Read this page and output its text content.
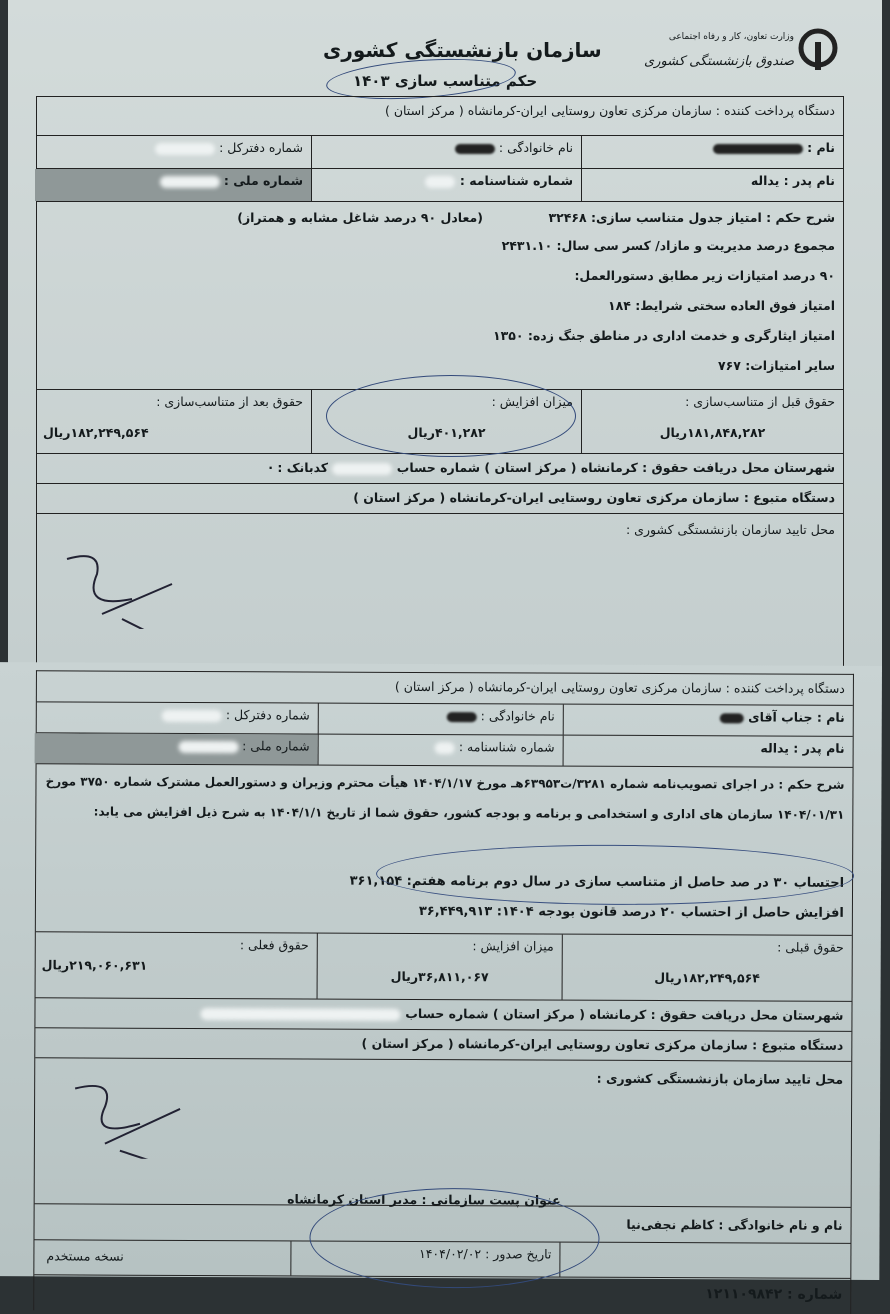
سازمان بازنشستگی کشوری
حکم متناسب سازی ۱۴۰۳
وزارت تعاون، کار و رفاه اجتماعی
صندوق بازنشستگی کشوری
دستگاه پرداخت کننده : سازمان مرکزی تعاون روستایی ایران-کرمانشاه ( مرکز استان )
نام :
نام خانوادگی :
شماره دفترکل :
نام پدر : یداله
شماره شناسنامه :
شماره ملی :
شرح حکم : امتیاز جدول متناسب سازی: ۳۲۴۶۸
(معادل ۹۰ درصد شاغل مشابه و همتراز)
مجموع درصد مدیریت و مازاد/ کسر سی سال: ۲۴۳۱.۱۰
۹۰ درصد امتیازات زیر مطابق دستورالعمل:
امتیاز فوق العاده سختی شرایط: ۱۸۴
امتیاز ایثارگری و خدمت اداری در مناطق جنگ زده: ۱۳۵۰
سایر امتیازات: ۷۶۷
حقوق قبل از متناسب‌سازی :
۱۸۱,۸۴۸,۲۸۲ریال
میزان افزایش :
۴۰۱,۲۸۲ریال
حقوق بعد از متناسب‌سازی :
۱۸۲,۲۴۹,۵۶۴ریال
شهرستان محل دریافت حقوق : کرمانشاه ( مرکز استان ) شماره حساب  کدبانک : ·
دستگاه متبوع : سازمان مرکزی تعاون روستایی ایران-کرمانشاه ( مرکز استان )
محل تایید سازمان بازنشستگی کشوری :
دستگاه پرداخت کننده : سازمان مرکزی تعاون روستایی ایران-کرمانشاه ( مرکز استان )
نام : جناب آقای
نام خانوادگی :
شماره دفترکل :
نام پدر : یداله
شماره شناسنامه :
شماره ملی :
شرح حکم : در اجرای تصویب‌نامه شماره ۳۲۸۱/ت۶۳۹۵۳هـ مورخ ۱۴۰۴/۱/۱۷ هیأت محترم وزیران و دستورالعمل مشترک شماره ۳۷۵۰ مورخ
۱۴۰۴/۰۱/۳۱ سازمان های اداری و استخدامی و برنامه و بودجه کشور، حقوق شما از تاریخ ۱۴۰۴/۱/۱ به شرح ذیل افزایش می یابد:
احتساب ۳۰ در صد حاصل از متناسب سازی در سال دوم برنامه هفتم: ۳۶۱,۱۵۴
افزایش حاصل از احتساب ۲۰ درصد قانون بودجه ۱۴۰۴: ۳۶,۴۴۹,۹۱۳
حقوق قبلی :
۱۸۲,۲۴۹,۵۶۴ریال
میزان افزایش :
۳۶,۸۱۱,۰۶۷ریال
حقوق فعلی :
۲۱۹,۰۶۰,۶۳۱ریال
شهرستان محل دریافت حقوق : کرمانشاه ( مرکز استان ) شماره حساب
دستگاه متبوع : سازمان مرکزی تعاون روستایی ایران-کرمانشاه ( مرکز استان )
محل تایید سازمان بازنشستگی کشوری :
نام و نام خانوادگی : کاظم نجفی‌نیا
عنوان پست سازمانی : مدیر استان کرمانشاه
تاریخ صدور : ۱۴۰۴/۰۲/۰۲
نسخه مستخدم
شماره : ۱۲۱۱۰۹۸۴۲
